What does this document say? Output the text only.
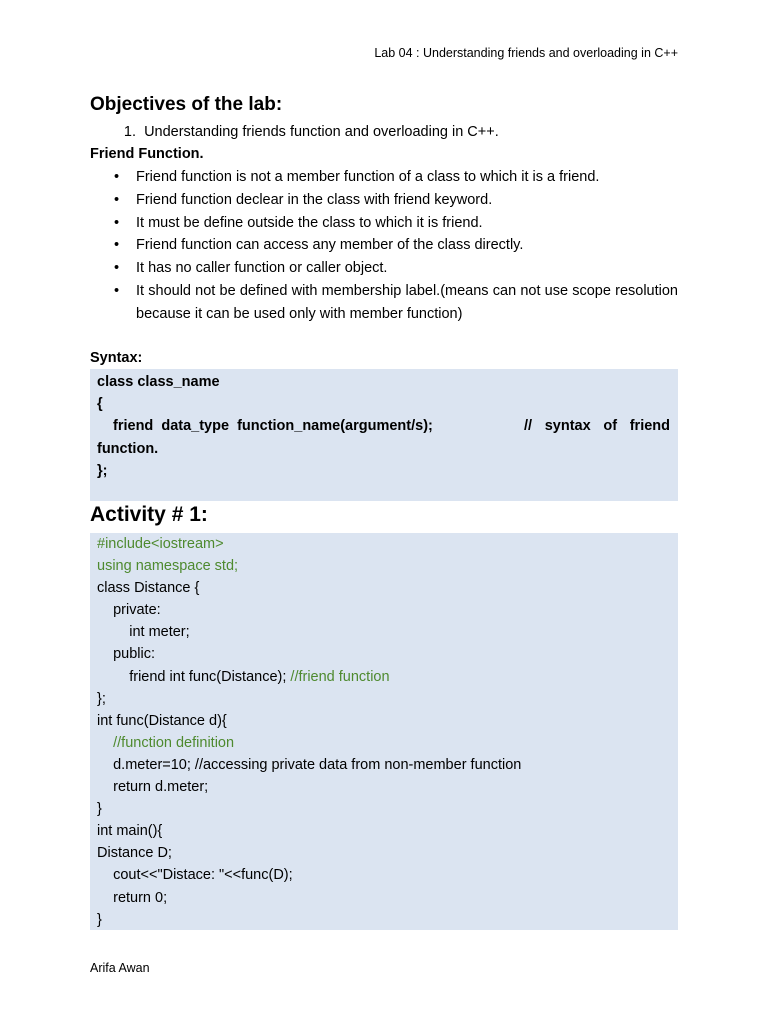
Lab 04 : Understanding friends and overloading in C++
Objectives of the lab:
1. Understanding friends function and overloading in C++.
Friend Function.
• Friend function is not a member function of a class to which it is a friend.
• Friend function declear in the class with friend keyword.
• It must be define outside the class to which it is friend.
• Friend function can access any member of the class directly.
• It has no caller function or caller object.
• It should not be defined with membership label.(means can not use scope resolution because it can be used only with member function)
Syntax:
class class_name
{
friend  data_type  function_name(argument/s);	// syntax of friend
function.
};
Activity # 1:
#include<iostream>
using namespace std;
class Distance {
private:
int meter;
public:
friend int func(Distance); //friend function
};
int func(Distance d){
//function definition
d.meter=10; //accessing private data from non-member function
return d.meter;
}
int main(){
Distance D;
cout<<"Distace: "<<func(D);
return 0;
}
Arifa Awan
